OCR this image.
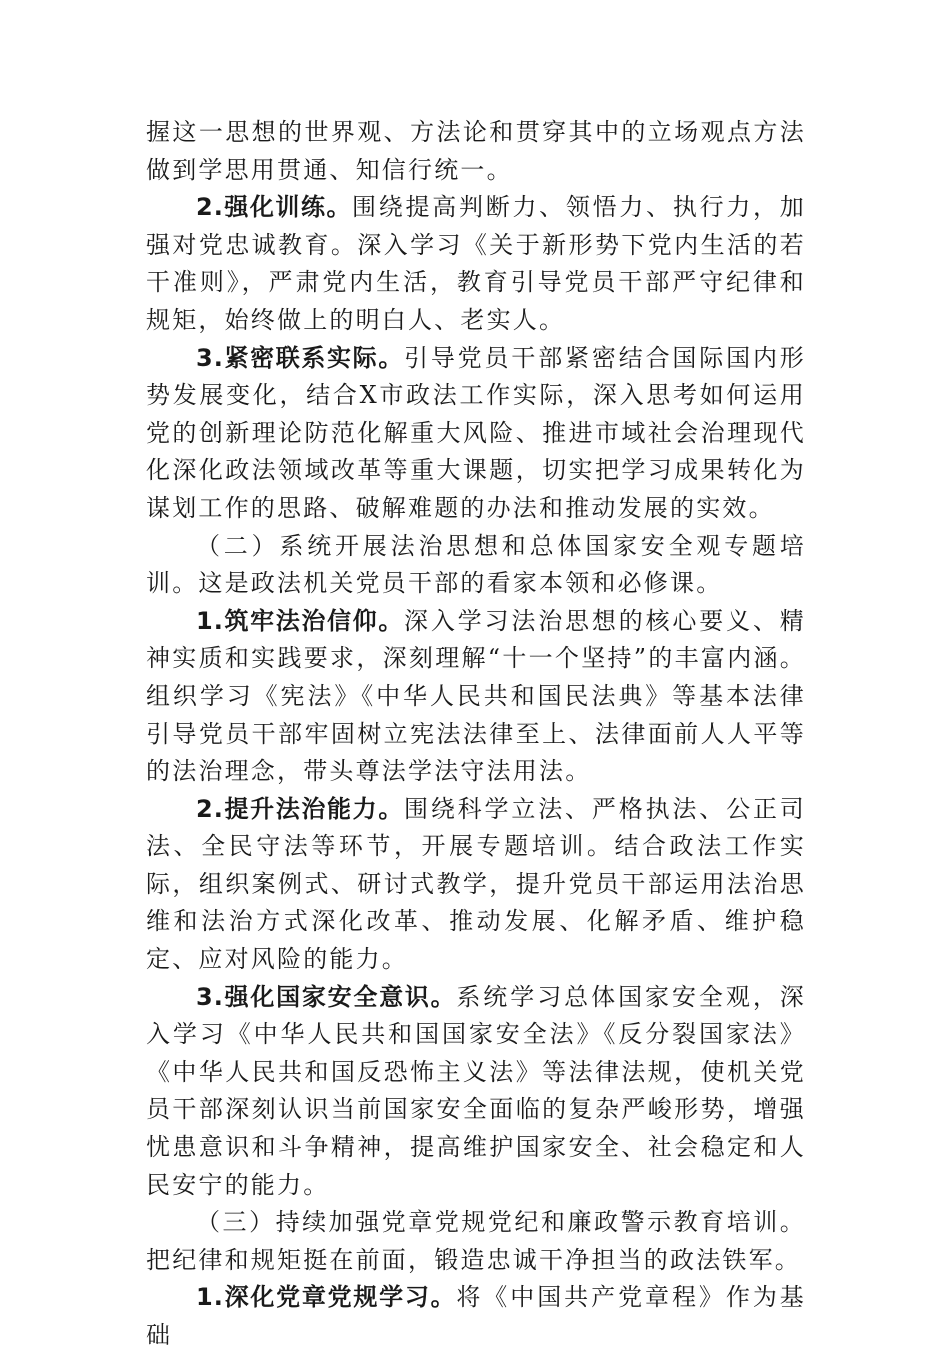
握这一思想的世界观、方法论和贯穿其中的立场观点方法做到学思用贯通、知信行统一。

2.强化训练。围绕提高判断力、领悟力、执行力，加强对党忠诚教育。深入学习《关于新形势下党内生活的若干准则》，严肃党内生活，教育引导党员干部严守纪律和规矩，始终做上的明白人、老实人。

3.紧密联系实际。引导党员干部紧密结合国际国内形势发展变化，结合X市政法工作实际，深入思考如何运用党的创新理论防范化解重大风险、推进市域社会治理现代化深化政法领域改革等重大课题，切实把学习成果转化为谋划工作的思路、破解难题的办法和推动发展的实效。

（二）系统开展法治思想和总体国家安全观专题培训。这是政法机关党员干部的看家本领和必修课。

1.筑牢法治信仰。深入学习法治思想的核心要义、精神实质和实践要求，深刻理解“十一个坚持”的丰富内涵。组织学习《宪法》《中华人民共和国民法典》等基本法律引导党员干部牢固树立宪法法律至上、法律面前人人平等的法治理念，带头尊法学法守法用法。

2.提升法治能力。围绕科学立法、严格执法、公正司法、全民守法等环节，开展专题培训。结合政法工作实际，组织案例式、研讨式教学，提升党员干部运用法治思维和法治方式深化改革、推动发展、化解矛盾、维护稳定、应对风险的能力。

3.强化国家安全意识。系统学习总体国家安全观，深入学习《中华人民共和国国家安全法》《反分裂国家法》《中华人民共和国反恐怖主义法》等法律法规，使机关党员干部深刻认识当前国家安全面临的复杂严峻形势，增强忧患意识和斗争精神，提高维护国家安全、社会稳定和人民安宁的能力。

（三）持续加强党章党规党纪和廉政警示教育培训。把纪律和规矩挺在前面，锻造忠诚干净担当的政法铁军。

1.深化党章党规学习。将《中国共产党章程》作为基础
